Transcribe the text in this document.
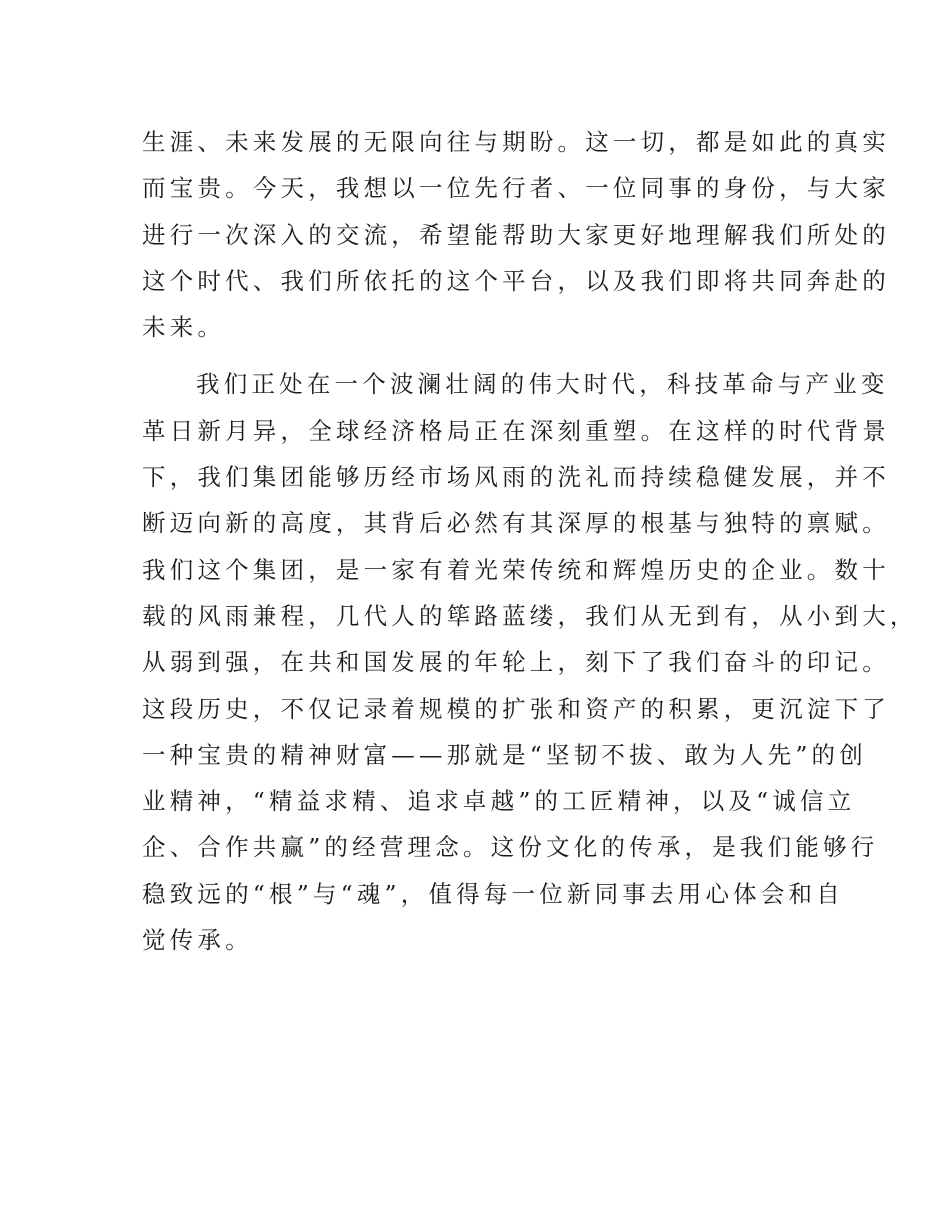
生涯、未来发展的无限向往与期盼。这一切，都是如此的真实
而宝贵。今天，我想以一位先行者、一位同事的身份，与大家
进行一次深入的交流，希望能帮助大家更好地理解我们所处的
这个时代、我们所依托的这个平台，以及我们即将共同奔赴的
未来。

我们正处在一个波澜壮阔的伟大时代，科技革命与产业变
革日新月异，全球经济格局正在深刻重塑。在这样的时代背景
下，我们集团能够历经市场风雨的洗礼而持续稳健发展，并不
断迈向新的高度，其背后必然有其深厚的根基与独特的禀赋。
我们这个集团，是一家有着光荣传统和辉煌历史的企业。数十
载的风雨兼程，几代人的筚路蓝缕，我们从无到有，从小到大，
从弱到强，在共和国发展的年轮上，刻下了我们奋斗的印记。
这段历史，不仅记录着规模的扩张和资产的积累，更沉淀下了
一种宝贵的精神财富——那就是“坚韧不拔、敢为人先”的创
业精神，“精益求精、追求卓越”的工匠精神，以及“诚信立
企、合作共赢”的经营理念。这份文化的传承，是我们能够行
稳致远的“根”与“魂”，值得每一位新同事去用心体会和自
觉传承。
